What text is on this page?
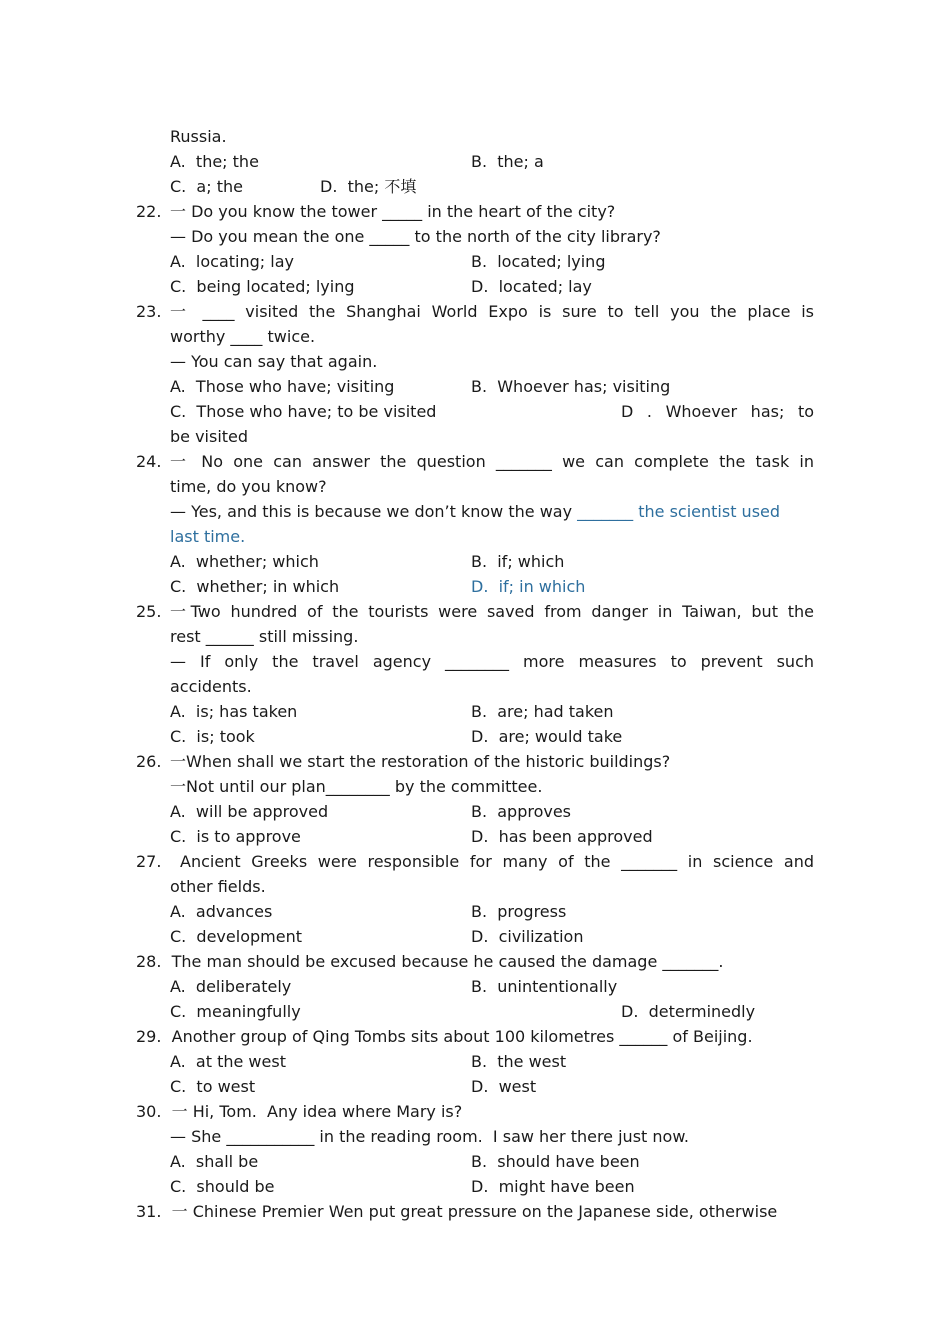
Russia.
A.  the; the	B.  the; a
C.  a; the	D.  the; 不填
22. 一 Do you know the tower _____ in the heart of the city?
— Do you mean the one _____ to the north of the city library?
A.  locating; lay	B.  located; lying
C.  being located; lying	D.  located; lay
23. 一 ____ visited the Shanghai World Expo is sure to tell you the place is
worthy ____ twice.
— You can say that again.
A.  Those who have; visiting	B.  Whoever has; visiting
C.  Those who have; to be visited	D . Whoever has; to
be visited
24. 一 No one can answer the question _______ we can complete the task in
time, do you know?
— Yes, and this is because we don’t know the way _______ the scientist used
last time.
A.  whether; which	B.  if; which
C.  whether; in which	D.  if; in which
25. 一Two hundred of the tourists were saved from danger in Taiwan, but the
rest ______ still missing.
— If only the travel agency ________ more measures to prevent such
accidents.
A.  is; has taken	B.  are; had taken
C.  is; took	D.  are; would take
26. 一When shall we start the restoration of the historic buildings?
一Not until our plan________ by the committee.
A.  will be approved	B.  approves
C.  is to approve	D.  has been approved
27. Ancient Greeks were responsible for many of the _______ in science and
other fields.
A.  advances	B.  progress
C.  development	D.  civilization
28.  The man should be excused because he caused the damage _______.
A.  deliberately	B.  unintentionally
C.  meaningfully	D.  determinedly
29.  Another group of Qing Tombs sits about 100 kilometres ______ of Beijing.
A.  at the west	B.  the west
C.  to west	D.  west
30.  一 Hi, Tom.  Any idea where Mary is?
— She ___________ in the reading room.  I saw her there just now.
A.  shall be	B.  should have been
C.  should be	D.  might have been
31.  一 Chinese Premier Wen put great pressure on the Japanese side, otherwise
